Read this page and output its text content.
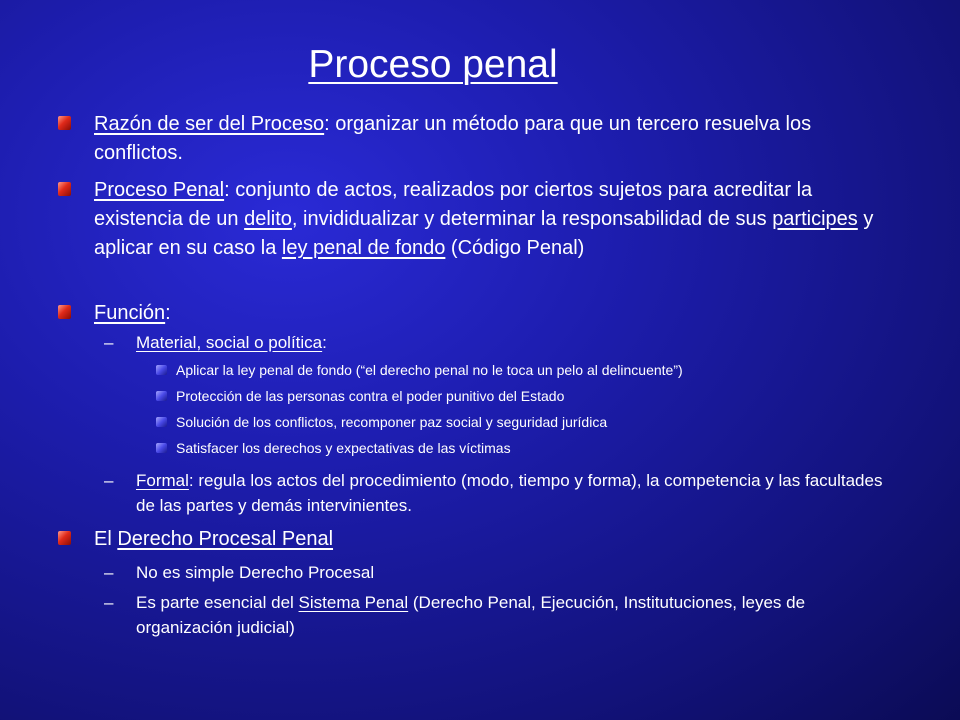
Proceso penal
Razón de ser del Proceso: organizar un método para que un tercero resuelva los conflictos.
Proceso Penal: conjunto de actos, realizados por ciertos sujetos para acreditar la existencia de un delito, invididualizar y determinar la responsabilidad de sus participes y aplicar en su caso la ley penal de fondo (Código Penal)
Función:
– Material, social o política:
Aplicar la ley penal de fondo (“el derecho penal no le toca un pelo al delincuente”)
Protección de las personas contra el poder punitivo del Estado
Solución de los conflictos, recomponer paz social y seguridad jurídica
Satisfacer los derechos y expectativas de las víctimas
– Formal: regula los actos del procedimiento (modo, tiempo y forma), la competencia y las facultades de las partes y demás intervinientes.
El Derecho Procesal Penal
– No es simple Derecho Procesal
– Es parte esencial del Sistema Penal (Derecho Penal, Ejecución, Institutuciones, leyes de organización judicial)
